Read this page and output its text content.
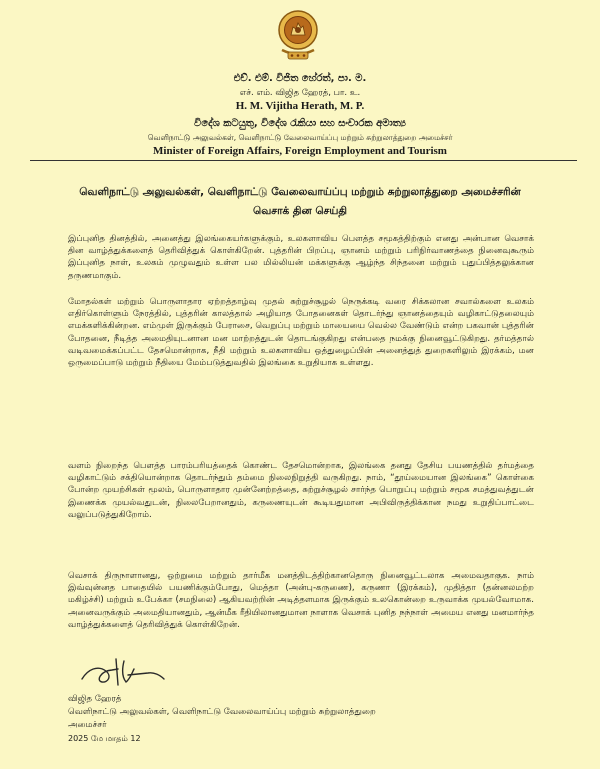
එච්. එම්. විජිත හේරත්, පා. ම.
எச். எம். விஜித ஹேரத், பா. உ.
H. M. Vijitha Herath, M. P.
විදේශ කටයුතු, විදේශ රැකියා සහ සංචාරක අමාත්‍ය
வெளிநாட்டு அலுவல்கள், வெளிநாட்டு வேலைவாய்ப்பு மற்றும் சுற்றுலாத்துறை அமைச்சர்
Minister of Foreign Affairs, Foreign Employment and Tourism
வெளிநாட்டு அலுவல்கள், வெளிநாட்டு வேலைவாய்ப்பு மற்றும் சுற்றுலாத்துறை அமைச்சரின் வெசாக் தின செய்தி

இப்புனித தினத்தில், அனைத்து இலங்கையர்களுக்கும், உலகளாவிய பௌத்த சமூகத்திற்கும் எனது அன்பான வெசாக் தின வாழ்த்துக்களைத் தெரிவித்துக் கொள்கிறேன். புத்தரின் பிறப்பு, ஞானம் மற்றும் பரிநிர்வாணத்தை நினைவுகூரும் இப்புனித நாள், உலகம் முழுவதும் உள்ள பல மில்லியன் மக்களுக்கு ஆழ்ந்த சிந்தனை மற்றும் புதுப்பித்தலுக்கான தருணமாகும்.

மோதல்கள் மற்றும் பொருளாதார ஏற்றத்தாழ்வு முதல் சுற்றுச்சூழல் நெருக்கடி வரை சிக்கலான சவால்களை உலகம் எதிர்கொள்ளும் நேரத்தில், புத்தரின் காலத்தால் அழியாத போதனைகள் தொடர்ந்து ஞானத்தையும் வழிகாட்டுதலையும் எமக்களிக்கின்றன. எம்முள் இருக்கும் பேராசை, வெறுப்பு மற்றும் மாயையை வெல்ல வேண்டும் என்ற பகவான் புத்தரின் போதனை, நீடித்த அமைதியுடனான மன மாற்றத்துடன் தொடங்குகிறது என்பதை நமக்கு நினைவூட்டுகிறது. தர்மத்தால் வடிவமைக்கப்பட்ட தேசமொன்றாக, நீதி மற்றும் உலகளாவிய ஒத்துழைப்பின் அனைத்துத் துறைகளிலும் இரக்கம், மன ஒருமைப்பாடு மற்றும் நீதியை மேம்படுத்துவதில் இலங்கை உறுதியாக உள்ளது.

வளம் நிறைந்த பௌத்த பாரம்பரியத்தைக் கொண்ட தேசமொன்றாக, இலங்கை தனது தேசிய பயணத்தில் தர்மத்தை வழிகாட்டும் சக்தியொன்றாக தொடர்ந்தும் தம்மை நிலைநிறுத்தி வருகிறது. நாம், “தூய்மையான இலங்கை” கொள்கை போன்ற முயற்சிகள் மூலம், பொருளாதார முன்னேற்றத்தை, சுற்றுச்சூழல் சார்ந்த பொறுப்பு மற்றும் சமூக சமத்துவத்துடன் இணைக்க முயல்வதுடன், நிலைபேறானதும், கருணையுடன் கூடியதுமான அபிவிருத்திக்கான நமது உறுதிப்பாட்டை வலுப்படுத்துகிறோம்.

வெசாக் திருநாளானது, ஒற்றுமை மற்றும் தார்மீக மனத்திடத்திற்கானதொரு நினைவூட்டலாக அமைவதாகுக. நாம் இவ்வுன்னத பாதையில் பயணிக்கும்போது, மெத்தா (அன்பு-கருணை), கருணா (இரக்கம்), முதித்தா (தன்னலமற்ற மகிழ்ச்சி) மற்றும் உபேக்கா (சமநிலை) ஆகியவற்றின் அடித்தளமாக இருக்கும் உலகொன்றை உருவாக்க முயல்வோமாக. அனைவருக்கும் அமைதியானதும், ஆன்மீக ரீதியிலானதுமான நாளாக வெசாக் புனித நந்நாள் அமைய எனது மனமார்ந்த வாழ்த்துக்களைத் தெரிவித்துக் கொள்கிறேன்.

விஜித ஹேரத்
வெளிநாட்டு அலுவல்கள், வெளிநாட்டு வேலைவாய்ப்பு மற்றும் சுற்றுலாத்துறை
அமைச்சர்
2025 மே மாதம் 12
